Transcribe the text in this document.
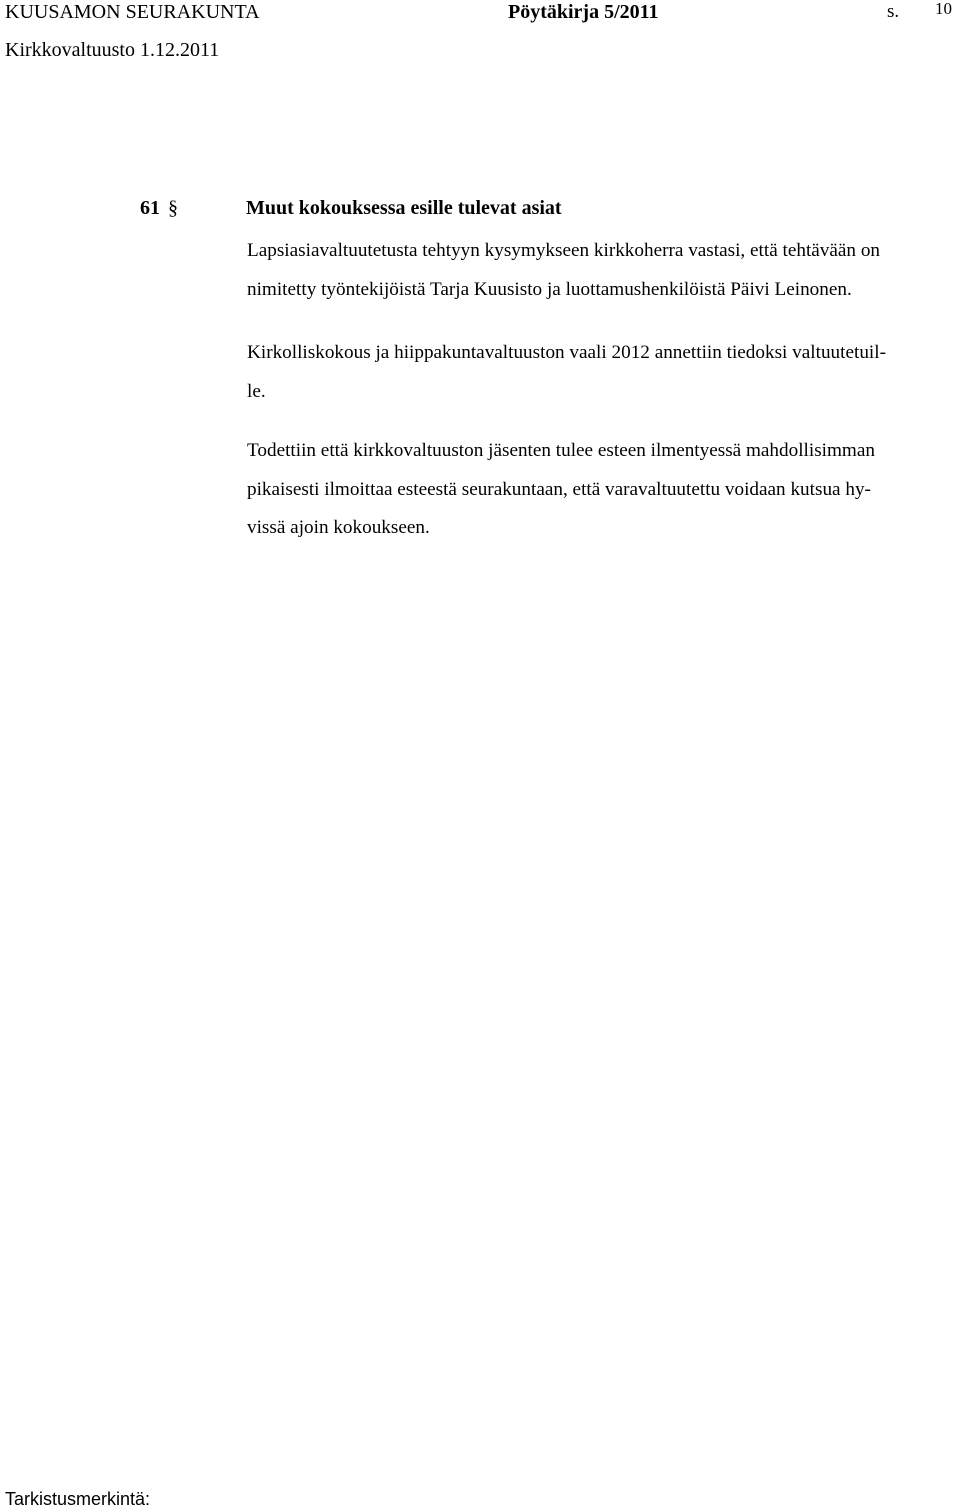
KUUSAMON SEURAKUNTA	Pöytäkirja 5/2011	s. 10
Kirkkovaltuusto 1.12.2011
61 §	Muut kokouksessa esille tulevat asiat

Lapsiasiavaltuutetusta tehtyyn kysymykseen kirkkoherra vastasi, että tehtävään on
nimitetty työntekijöistä Tarja Kuusisto ja luottamushenkilöistä Päivi Leinonen.

Kirkolliskokous ja hiippakuntavaltuuston vaali 2012 annettiin tiedoksi valtuutetuil-
le.

Todettiin että kirkkovaltuuston jäsenten tulee esteen ilmentyessä mahdollisimman
pikaisesti ilmoittaa esteestä seurakuntaan, että varavaltuutettu voidaan kutsua hy-
vissä ajoin kokoukseen.

Tarkistusmerkintä:
